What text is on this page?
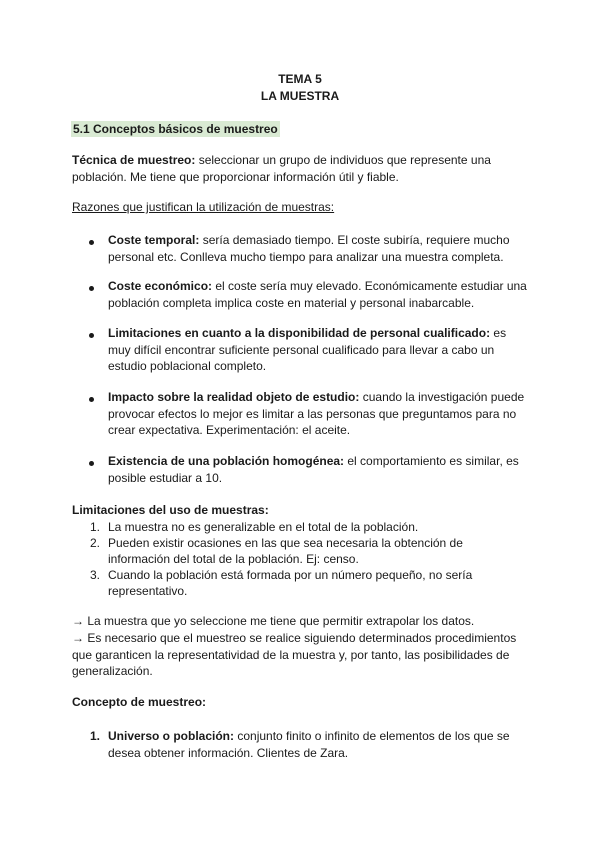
TEMA 5
LA MUESTRA
5.1 Conceptos básicos de muestreo
Técnica de muestreo: seleccionar un grupo de individuos que represente una población. Me tiene que proporcionar información útil y fiable.
Razones que justifican la utilización de muestras:
Coste temporal: sería demasiado tiempo. El coste subiría, requiere mucho personal etc. Conlleva mucho tiempo para analizar una muestra completa.
Coste económico: el coste sería muy elevado. Económicamente estudiar una población completa implica coste en material y personal inabarcable.
Limitaciones en cuanto a la disponibilidad de personal cualificado: es muy difícil encontrar suficiente personal cualificado para llevar a cabo un estudio poblacional completo.
Impacto sobre la realidad objeto de estudio: cuando la investigación puede provocar efectos lo mejor es limitar a las personas que preguntamos para no crear expectativa. Experimentación: el aceite.
Existencia de una población homogénea: el comportamiento es similar, es posible estudiar a 10.
Limitaciones del uso de muestras:
1. La muestra no es generalizable en el total de la población.
2. Pueden existir ocasiones en las que sea necesaria la obtención de información del total de la población. Ej: censo.
3. Cuando la población está formada por un número pequeño, no sería representativo.
→ La muestra que yo seleccione me tiene que permitir extrapolar los datos.
→ Es necesario que el muestreo se realice siguiendo determinados procedimientos que garanticen la representatividad de la muestra y, por tanto, las posibilidades de generalización.
Concepto de muestreo:
1. Universo o población: conjunto finito o infinito de elementos de los que se desea obtener información. Clientes de Zara.
